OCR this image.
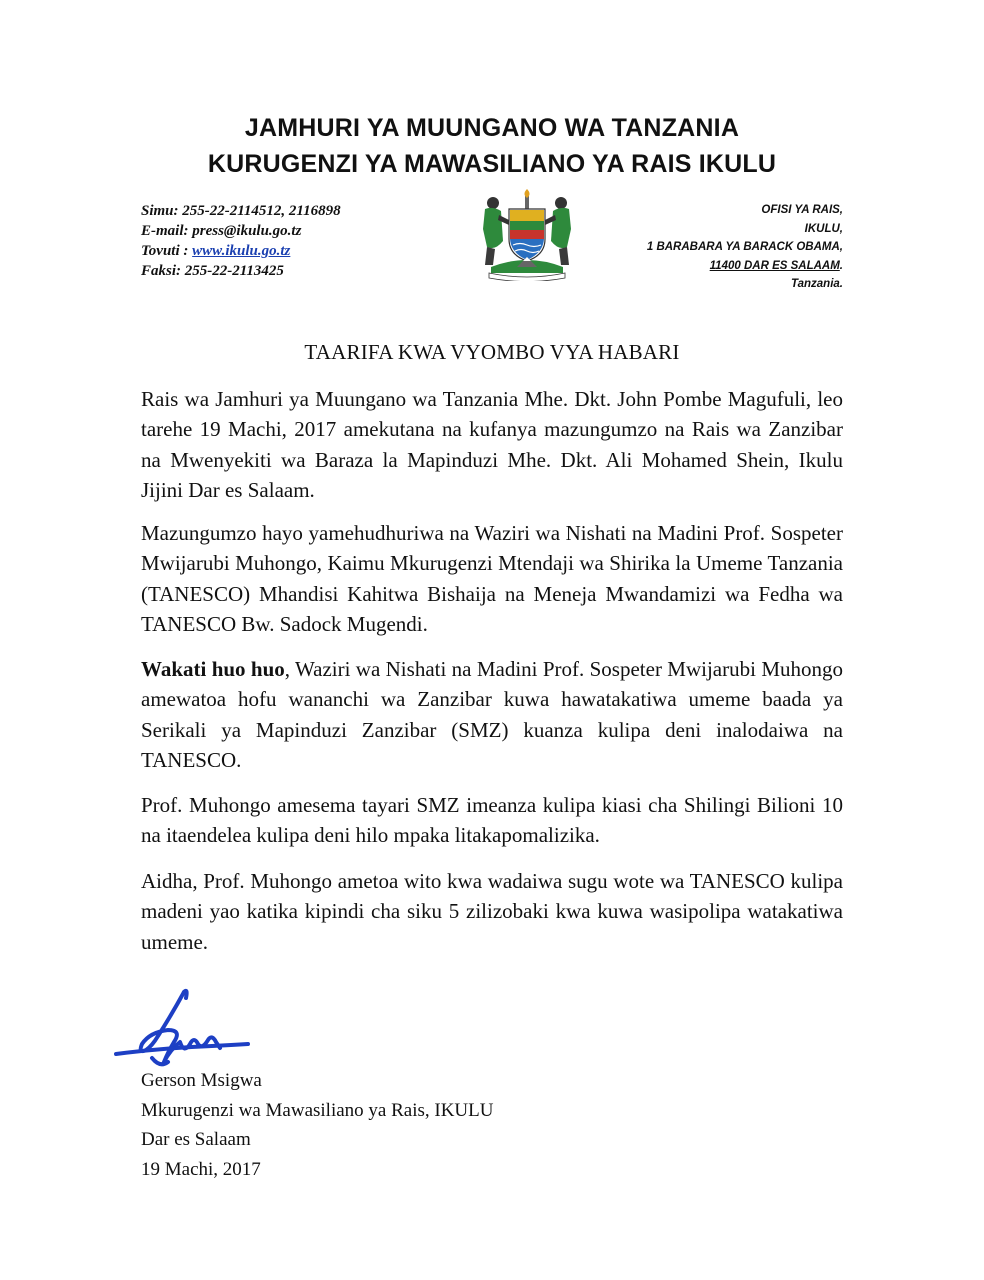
JAMHURI YA MUUNGANO WA TANZANIA
KURUGENZI YA MAWASILIANO YA RAIS IKULU
Simu: 255-22-2114512, 2116898
E-mail: press@ikulu.go.tz
Tovuti : www.ikulu.go.tz
Faksi: 255-22-2113425
OFISI YA RAIS,
IKULU,
1 BARABARA YA BARACK OBAMA,
11400 DAR ES SALAAM.
Tanzania.
TAARIFA KWA VYOMBO VYA HABARI
Rais wa Jamhuri ya Muungano wa Tanzania Mhe. Dkt. John Pombe Magufuli, leo tarehe 19 Machi, 2017 amekutana na kufanya mazungumzo na Rais wa Zanzibar na Mwenyekiti wa Baraza la Mapinduzi Mhe. Dkt. Ali Mohamed Shein, Ikulu Jijini Dar es Salaam.
Mazungumzo hayo yamehudhuriwa na Waziri wa Nishati na Madini Prof. Sospeter Mwijarubi Muhongo, Kaimu Mkurugenzi Mtendaji wa Shirika la Umeme Tanzania (TANESCO) Mhandisi Kahitwa Bishaija na Meneja Mwandamizi wa Fedha wa TANESCO Bw. Sadock Mugendi.
Wakati huo huo, Waziri wa Nishati na Madini Prof. Sospeter Mwijarubi Muhongo amewatoa hofu wananchi wa Zanzibar kuwa hawatakatiwa umeme baada ya Serikali ya Mapinduzi Zanzibar (SMZ) kuanza kulipa deni inalodaiwa na TANESCO.
Prof. Muhongo amesema tayari SMZ imeanza kulipa kiasi cha Shilingi Bilioni 10 na itaendelea kulipa deni hilo mpaka litakapomalizika.
Aidha, Prof. Muhongo ametoa wito kwa wadaiwa sugu wote wa TANESCO kulipa madeni yao katika kipindi cha siku 5 zilizobaki kwa kuwa wasipolipa watakatiwa umeme.
Gerson Msigwa
Mkurugenzi wa Mawasiliano ya Rais, IKULU
Dar es Salaam
19 Machi, 2017
